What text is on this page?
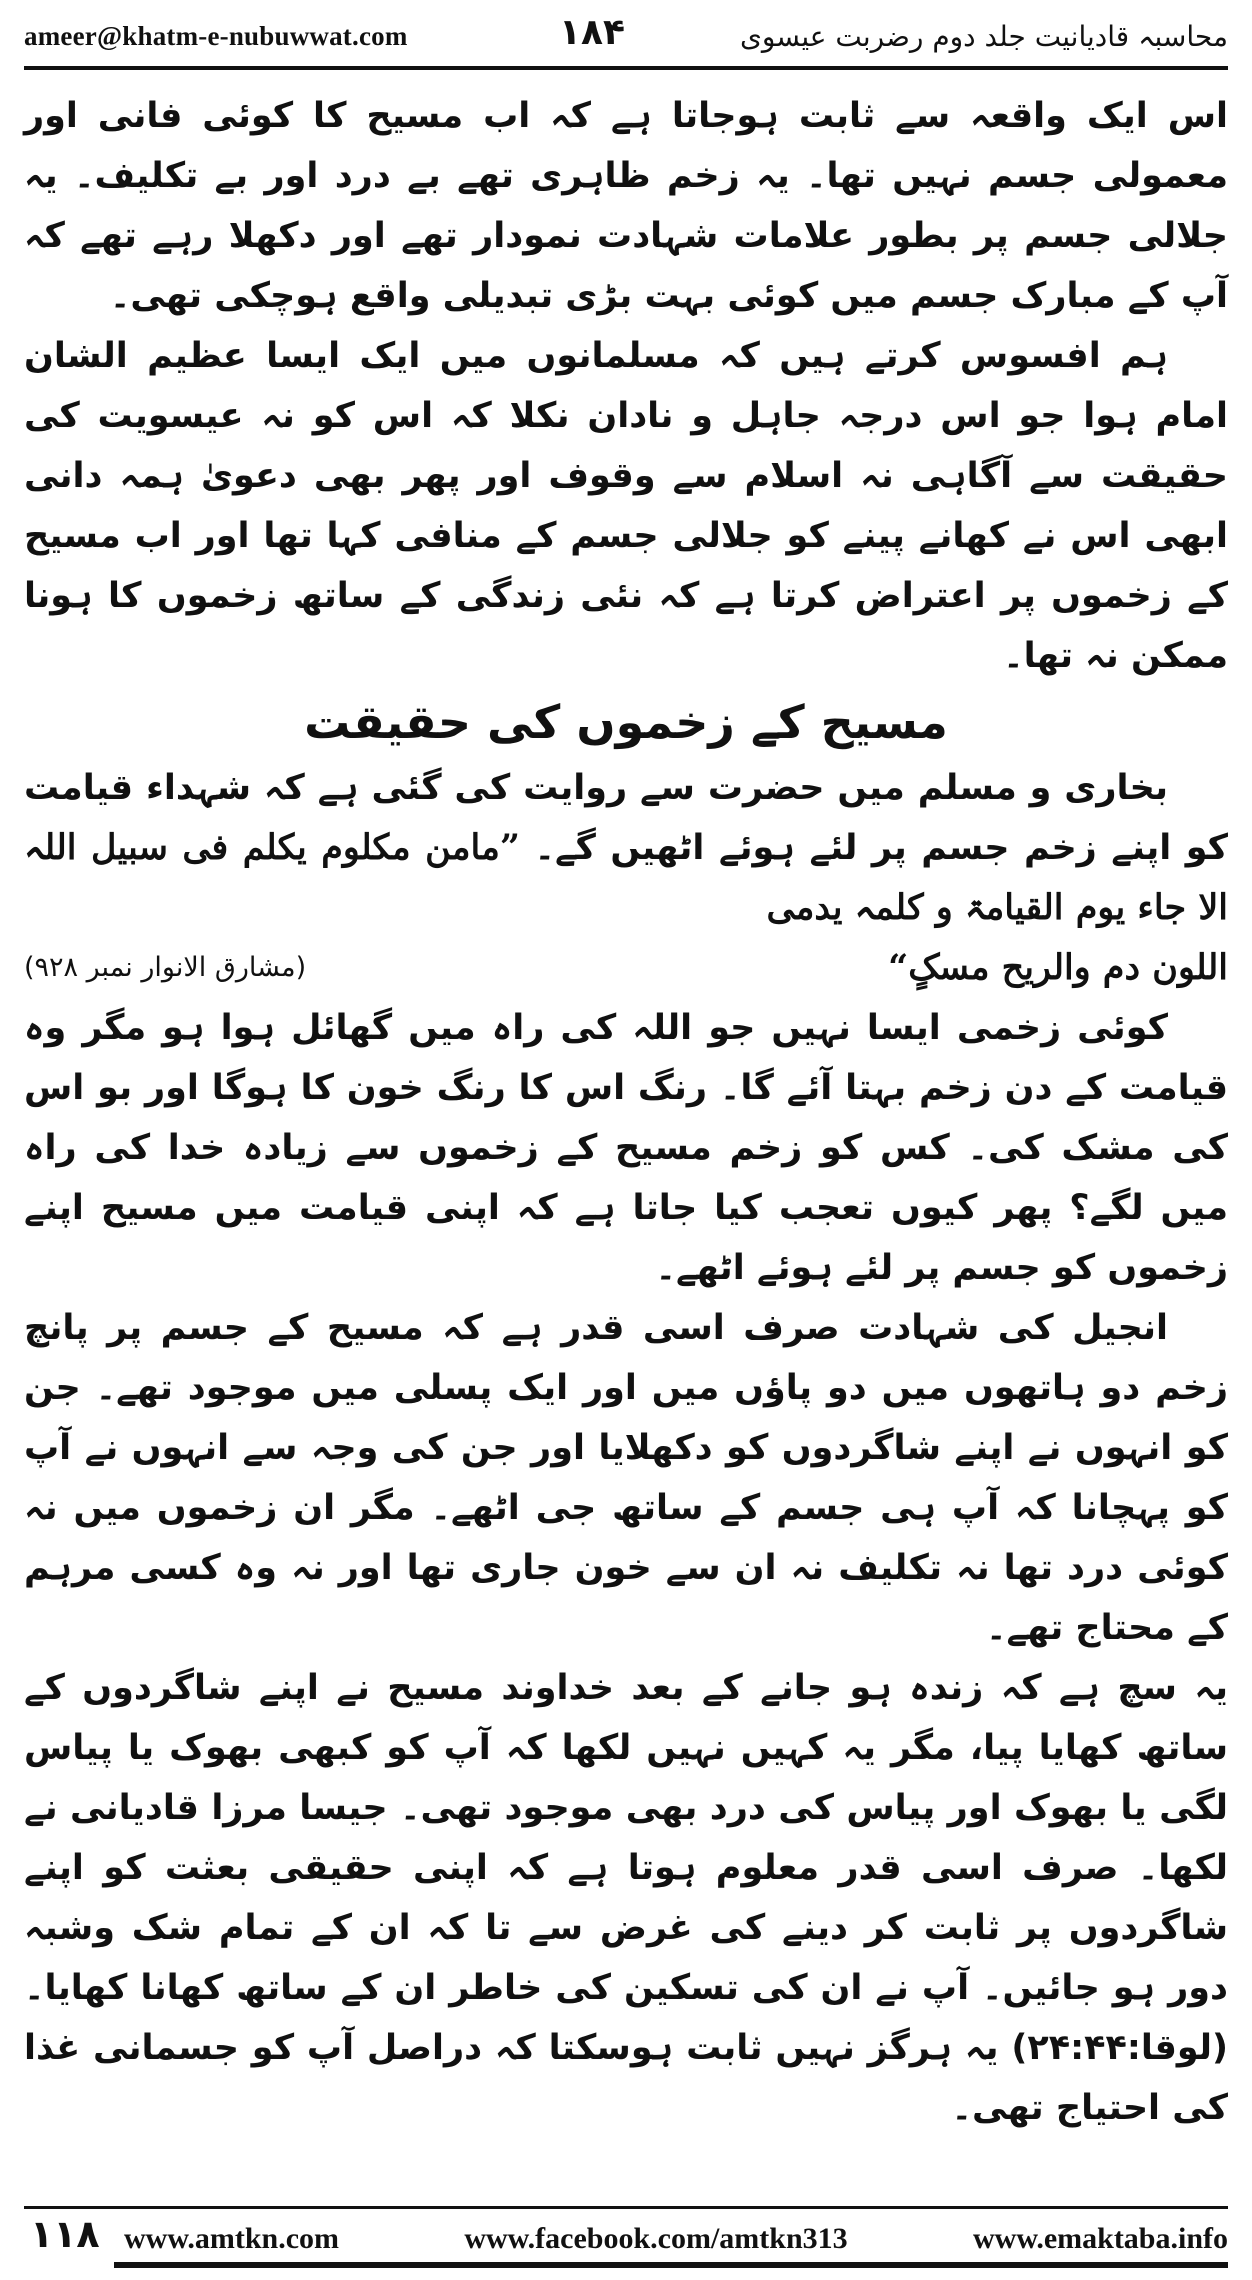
ameer@khatm-e-nubuwwat.com	۱۸۴	محاسبہ قادیانیت جلد دوم رضربت عیسوی

اس ایک واقعہ سے ثابت ہوجاتا ہے کہ اب مسیح کا کوئی فانی اور معمولی جسم نہیں تھا۔ یہ زخم ظاہری تھے بے درد اور بے تکلیف۔ یہ جلالی جسم پر بطور علامات شہادت نمودار تھے اور دکھلا رہے تھے کہ آپ کے مبارک جسم میں کوئی بہت بڑی تبدیلی واقع ہوچکی تھی۔

ہم افسوس کرتے ہیں کہ مسلمانوں میں ایک ایسا عظیم الشان امام ہوا جو اس درجہ جاہل و نادان نکلا کہ اس کو نہ عیسویت کی حقیقت سے آگاہی نہ اسلام سے وقوف اور پھر بھی دعویٰ ہمہ دانی ابھی اس نے کھانے پینے کو جلالی جسم کے منافی کہا تھا اور اب مسیح کے زخموں پر اعتراض کرتا ہے کہ نئی زندگی کے ساتھ زخموں کا ہونا ممکن نہ تھا۔

مسیح کے زخموں کی حقیقت

بخاری و مسلم میں حضرت سے روایت کی گئی ہے کہ شہداء قیامت کو اپنے زخم جسم پر لئے ہوئے اٹھیں گے۔ ”مامن مکلوم یکلم فی سبیل اللہ الا جاء یوم القیامۃ و کلمہ یدمی

اللون دم والریح مسکٍ“
(مشارق الانوار نمبر ۹۲۸)

کوئی زخمی ایسا نہیں جو اللہ کی راہ میں گھائل ہوا ہو مگر وہ قیامت کے دن زخم بہتا آئے گا۔ رنگ اس کا رنگ خون کا ہوگا اور بو اس کی مشک کی۔ کس کو زخم مسیح کے زخموں سے زیادہ خدا کی راہ میں لگے؟ پھر کیوں تعجب کیا جاتا ہے کہ اپنی قیامت میں مسیح اپنے زخموں کو جسم پر لئے ہوئے اٹھے۔

انجیل کی شہادت صرف اسی قدر ہے کہ مسیح کے جسم پر پانچ زخم دو ہاتھوں میں دو پاؤں میں اور ایک پسلی میں موجود تھے۔ جن کو انہوں نے اپنے شاگردوں کو دکھلایا اور جن کی وجہ سے انہوں نے آپ کو پہچانا کہ آپ ہی جسم کے ساتھ جی اٹھے۔ مگر ان زخموں میں نہ کوئی درد تھا نہ تکلیف نہ ان سے خون جاری تھا اور نہ وہ کسی مرہم کے محتاج تھے۔

یہ سچ ہے کہ زندہ ہو جانے کے بعد خداوند مسیح نے اپنے شاگردوں کے ساتھ کھایا پیا، مگر یہ کہیں نہیں لکھا کہ آپ کو کبھی بھوک یا پیاس لگی یا بھوک اور پیاس کی درد بھی موجود تھی۔ جیسا مرزا قادیانی نے لکھا۔ صرف اسی قدر معلوم ہوتا ہے کہ اپنی حقیقی بعثت کو اپنے شاگردوں پر ثابت کر دینے کی غرض سے تا کہ ان کے تمام شک وشبہ دور ہو جائیں۔ آپ نے ان کی تسکین کی خاطر ان کے ساتھ کھانا کھایا۔ (لوقا:۲۴:۴۴) یہ ہرگز نہیں ثابت ہوسکتا کہ دراصل آپ کو جسمانی غذا کی احتیاج تھی۔

۱۱۸ www.amtkn.com	www.facebook.com/amtkn313	www.emaktaba.info
